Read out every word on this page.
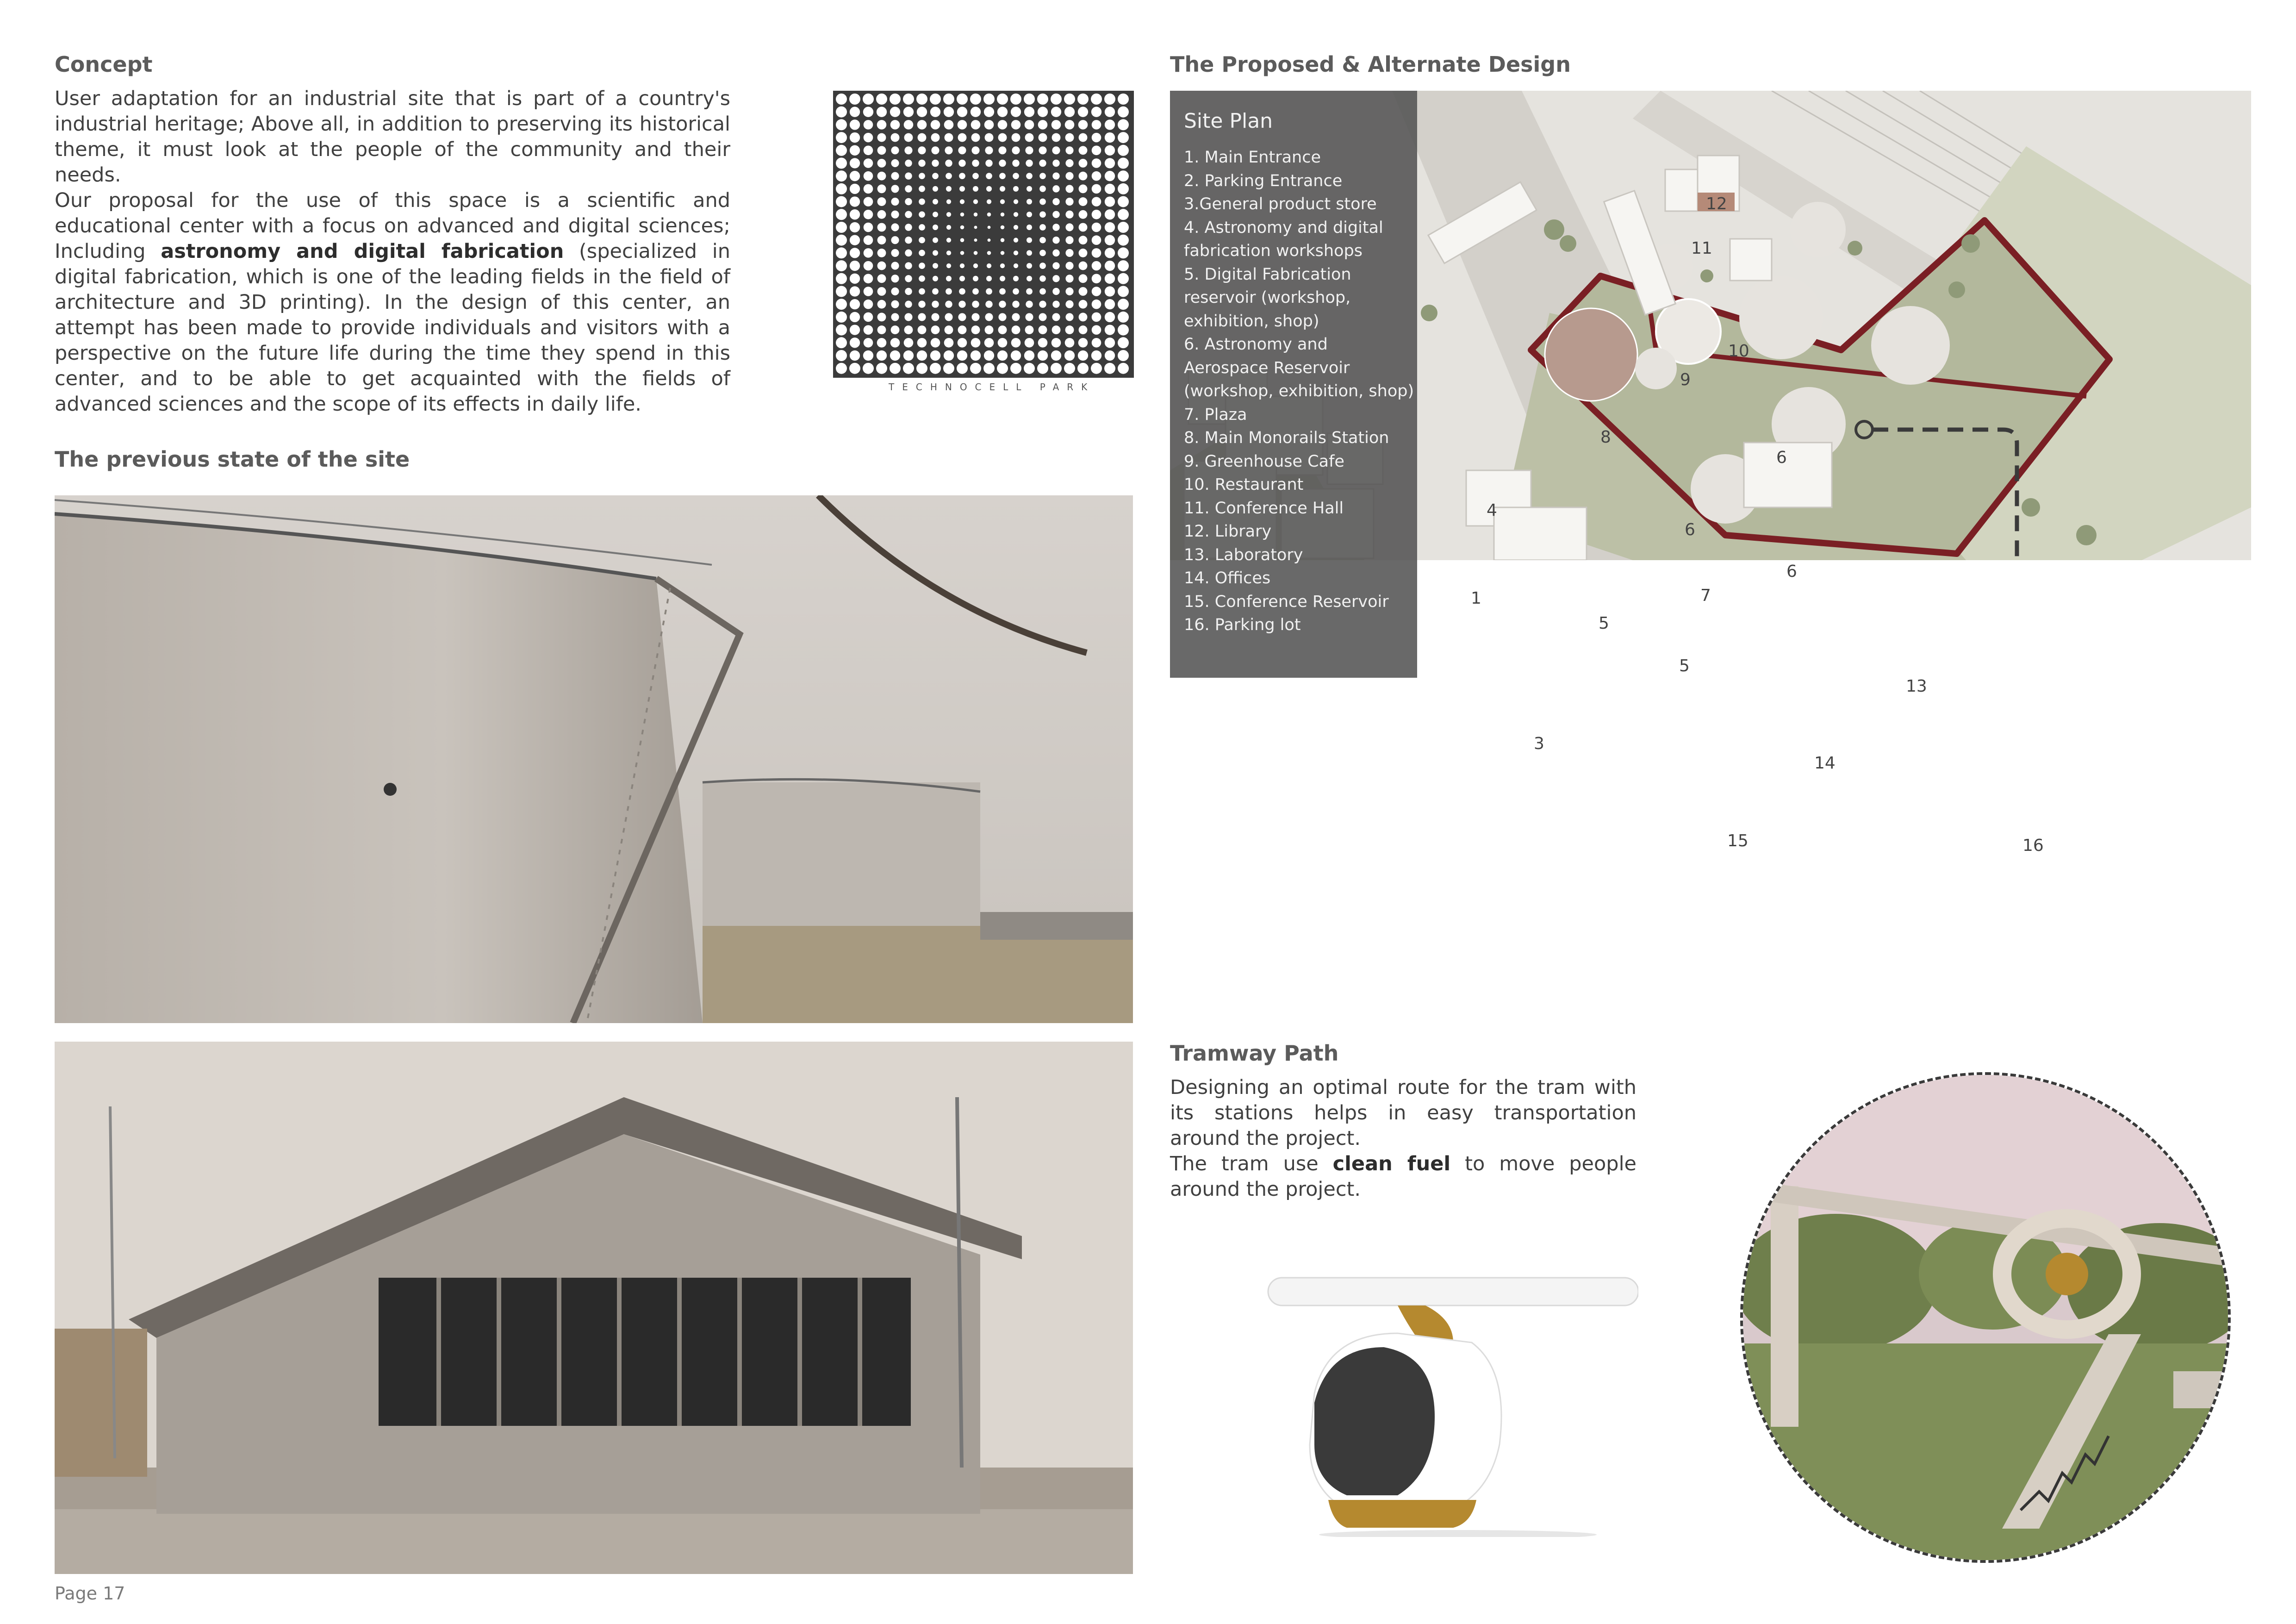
Concept

User adaptation for an industrial site that is part of a country's industrial heritage; Above all, in addition to preserving its historical theme, it must look at the people of the community and their needs.

Our proposal for the use of this space is a scientific and educational center with a focus on advanced and digital sciences; Including astronomy and digital fabrication (specialized in digital fabrication, which is one of the leading fields in the field of architecture and 3D printing). In the design of this center, an attempt has been made to provide individuals and visitors with a perspective on the future life during the time they spend in this center, and to be able to get acquainted with the fields of advanced sciences and the scope of its effects in daily life.

TECHNOCELL PARK
The previous state of the site
Page 17
The Proposed & Alternate Design
1
3
4
5
5
6
6
6
7
8
9
10
11
12
13
14
15	16
Site Plan
1. Main Entrance
2. Parking Entrance
3.General product store
4. Astronomy and digital fabrication workshops
5. Digital Fabrication reservoir (workshop, exhibition, shop)
6. Astronomy and Aerospace Reservoir (workshop, exhibition, shop)
7. Plaza
8. Main Monorails Station
9. Greenhouse Cafe
10. Restaurant
11. Conference Hall
12. Library
13. Laboratory
14. Offices
15. Conference Reservoir
16. Parking lot
Tramway Path

Designing an optimal route for the tram with its stations helps in easy transportation around the project.

The tram use clean fuel to move people around the project.
